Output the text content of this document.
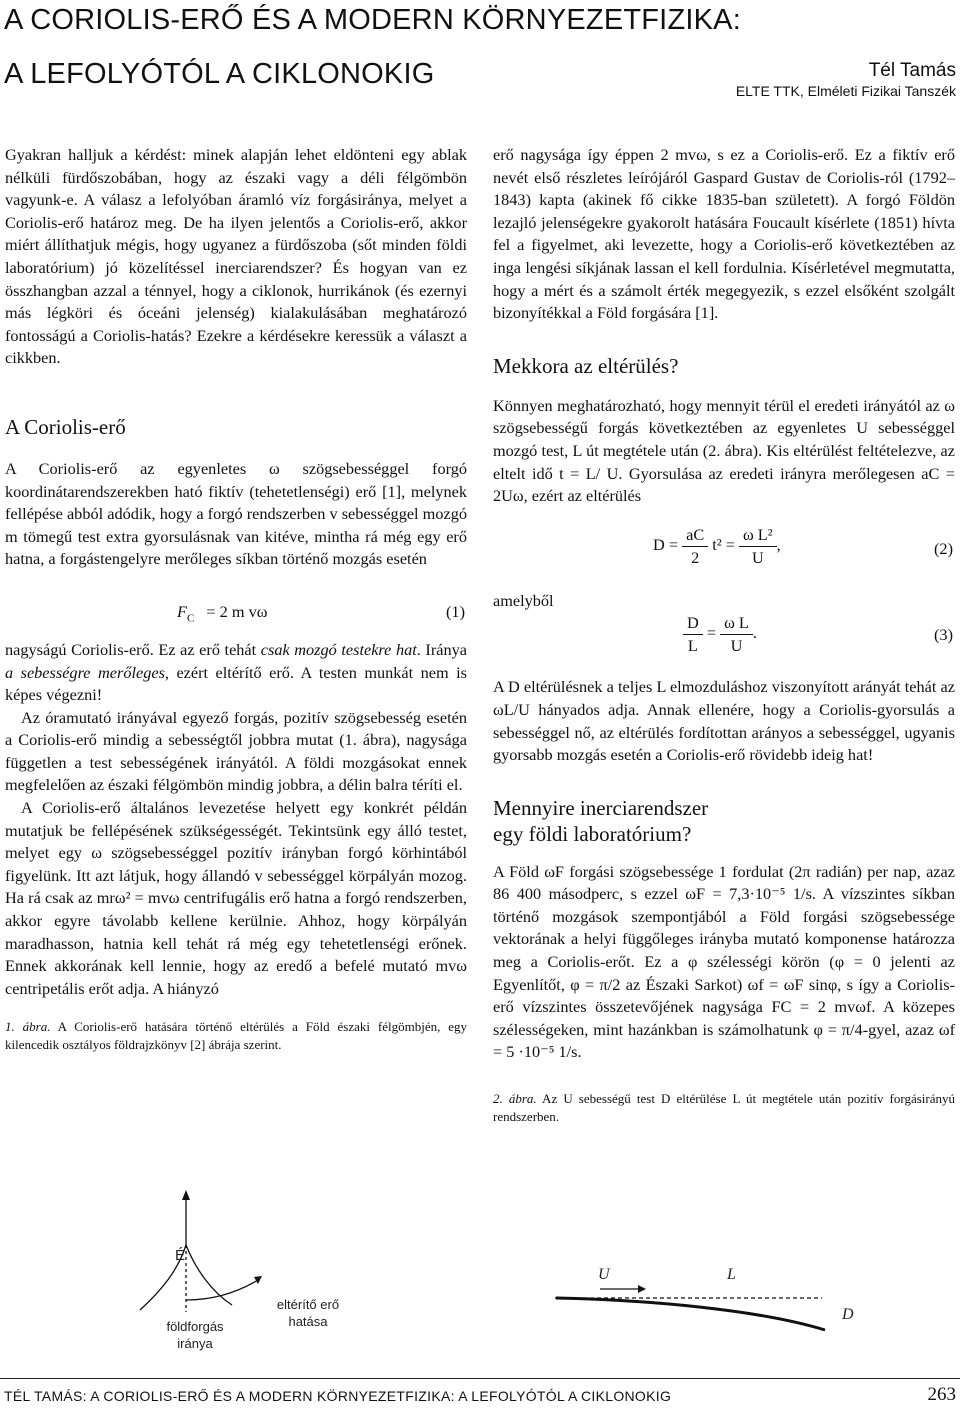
A CORIOLIS-ERŐ ÉS A MODERN KÖRNYEZETFIZIKA:
A LEFOLYÓTÓL A CIKLONOKIG	Tél Tamás
ELTE TTK, Elméleti Fizikai Tanszék

Gyakran halljuk a kérdést: minek alapján lehet eldönteni egy ablak nélküli fürdőszobában, hogy az északi vagy a déli félgömbön vagyunk-e. A válasz a lefolyóban áramló víz forgásiránya, melyet a Coriolis-erő határoz meg. De ha ilyen jelentős a Coriolis-erő, akkor miért állíthatjuk mégis, hogy ugyanez a fürdőszoba (sőt minden földi laboratórium) jó közelítéssel inerciarendszer? És hogyan van ez összhangban azzal a ténnyel, hogy a ciklonok, hurrikánok (és ezernyi más légköri és óceáni jelenség) kialakulásában meghatározó fontosságú a Coriolis-hatás? Ezekre a kérdésekre keressük a választ a cikkben.

A Coriolis-erő

A Coriolis-erő az egyenletes ω szögsebességgel forgó koordinátarendszerekben ható fiktív (tehetetlenségi) erő [1], melynek fellépése abból adódik, hogy a forgó rendszerben v sebességgel mozgó m tömegű test extra gyorsulásnak van kitéve, mintha rá még egy erő hatna, a forgástengelyre merőleges síkban történő mozgás esetén

$F_C = 2$ m vω	(1)

nagyságú Coriolis-erő. Ez az erő tehát csak mozgó testekre hat. Iránya a sebességre merőleges, ezért eltérítő erő. A testen munkát nem is képes végezni!

Az óramutató irányával egyező forgás, pozitív szögsebesség esetén a Coriolis-erő mindig a sebességtől jobbra mutat (1. ábra), nagysága független a test sebességének irányától. A földi mozgásokat ennek megfelelően az északi félgömbön mindig jobbra, a délin balra téríti el.

A Coriolis-erő általános levezetése helyett egy konkrét példán mutatjuk be fellépésének szükségességét. Tekintsünk egy álló testet, melyet egy ω szögsebességgel pozitív irányban forgó körhintából figyelünk. Itt azt látjuk, hogy állandó v sebességgel körpályán mozog. Ha rá csak az mrω² = mvω centrifugális erő hatna a forgó rendszerben, akkor egyre távolabb kellene kerülnie. Ahhoz, hogy körpályán maradhasson, hatnia kell tehát rá még egy tehetetlenségi erőnek. Ennek akkorának kell lennie, hogy az eredő a befelé mutató mvω centripetális erőt adja. A hiányzó

1. ábra. A Coriolis-erő hatására történő eltérülés a Föld északi félgömbjén, egy kilencedik osztályos földrajzkönyv [2] ábrája szerint.

É
földforgás iránya
eltérítő erő hatása

erő nagysága így éppen 2 mvω, s ez a Coriolis-erő. Ez a fiktív erő nevét első részletes leírójáról Gaspard Gustav de Coriolis-ról (1792–1843) kapta (akinek fő cikke 1835-ban született). A forgó Földön lezajló jelenségekre gyakorolt hatására Foucault kísérlete (1851) hívta fel a figyelmet, aki levezette, hogy a Coriolis-erő következtében az inga lengési síkjának lassan el kell fordulnia. Kísérletével megmutatta, hogy a mért és a számolt érték megegyezik, s ezzel elsőként szolgált bizonyítékkal a Föld forgására [1].

Mekkora az eltérülés?

Könnyen meghatározható, hogy mennyit térül el eredeti irányától az ω szögsebességű forgás következtében az egyenletes U sebességgel mozgó test, L út megtétele után (2. ábra). Kis eltérülést feltételezve, az eltelt idő t = L/ U. Gyorsulása az eredeti irányra merőlegesen aC = 2Uω, ezért az eltérülés

$D = \frac{aC}{2} t^2 = \frac{\text{ω L²}}{U}$ ,	(2)

amelyből

$\frac{D}{L} = \frac{\text{ω L}}{U}$ .	(3)

A D eltérülésnek a teljes L elmozduláshoz viszonyított arányát tehát az ωL/U hányados adja. Annak ellenére, hogy a Coriolis-gyorsulás a sebességgel nő, az eltérülés fordítottan arányos a sebességgel, ugyanis gyorsabb mozgás esetén a Coriolis-erő rövidebb ideig hat!

Mennyire inerciarendszer
egy földi laboratórium?

A Föld ωF forgási szögsebessége 1 fordulat (2π radián) per nap, azaz 86 400 másodperc, s ezzel ωF = 7,3·10⁻⁵ 1/s. A vízszintes síkban történő mozgások szempontjából a Föld forgási szögsebessége vektorának a helyi függőleges irányba mutató komponense határozza meg a Coriolis-erőt. Ez a φ szélességi körön (φ = 0 jelenti az Egyenlítőt, φ = π/2 az Északi Sarkot) ωf = ωF sinφ, s így a Coriolis-erő vízszintes összetevőjének nagysága FC = 2 mvωf. A közepes szélességeken, mint hazánkban is számolhatunk φ = π/4-gyel, azaz ωf = 5 ·10⁻⁵ 1/s.

2. ábra. Az U sebességű test D eltérülése L út megtétele után pozitív forgásirányú rendszerben.

U	L
D
TÉL TAMÁS: A CORIOLIS-ERŐ ÉS A MODERN KÖRNYEZETFIZIKA: A LEFOLYÓTÓL A CIKLONOKIG	263
